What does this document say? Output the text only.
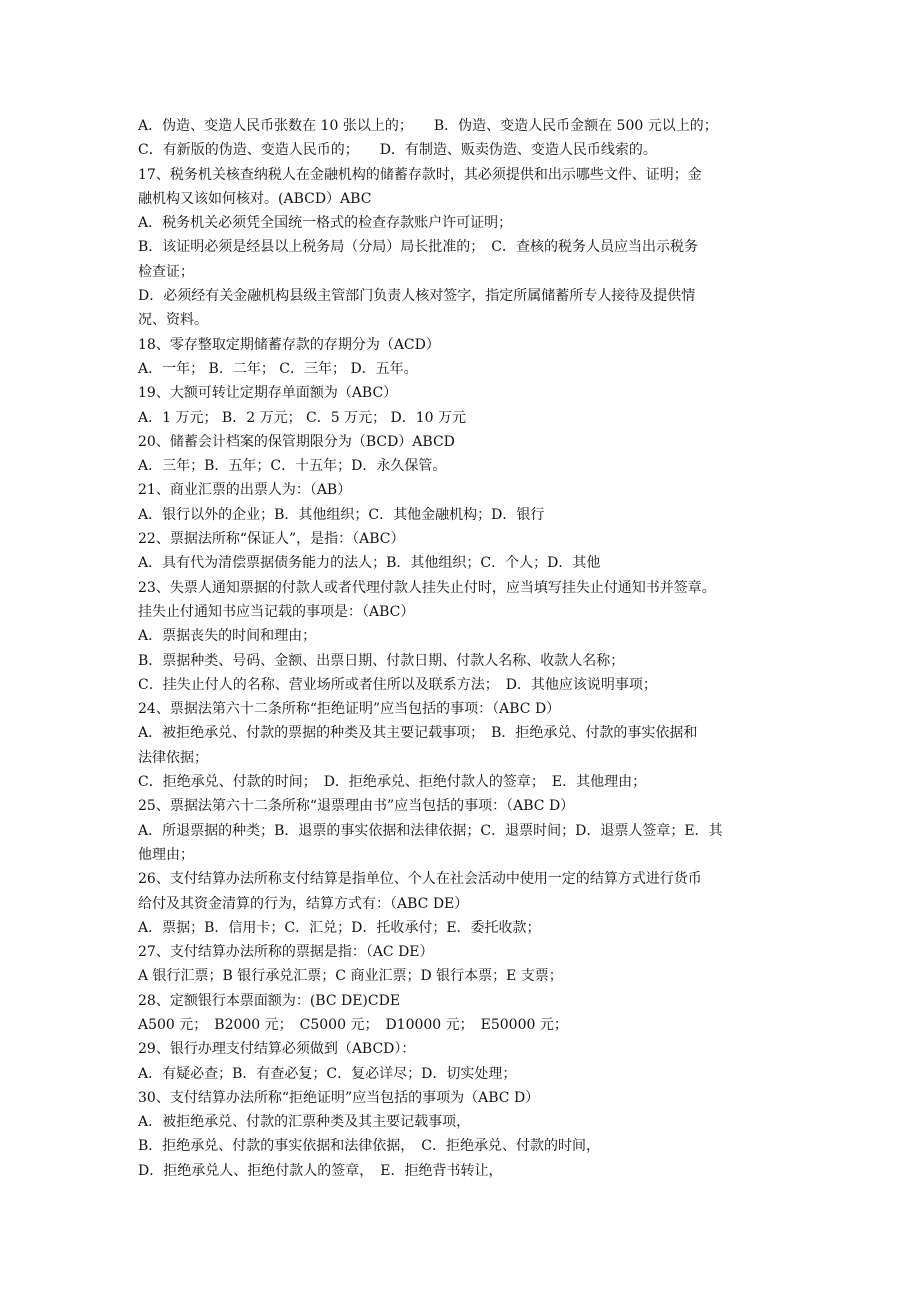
A．伪造、变造人民币张数在 10 张以上的；　　B．伪造、变造人民币金额在 500 元以上的；
C．有新版的伪造、变造人民币的；　　D．有制造、贩卖伪造、变造人民币线索的。
17、税务机关核查纳税人在金融机构的储蓄存款时，其必须提供和出示哪些文件、证明；金
融机构又该如何核对。(ABCD）ABC
A．税务机关必须凭全国统一格式的检查存款账户许可证明；
B．该证明必须是经县以上税务局（分局）局长批准的；　C．查核的税务人员应当出示税务
检查证；
D．必须经有关金融机构县级主管部门负责人核对签字，指定所属储蓄所专人接待及提供情
况、资料。
18、零存整取定期储蓄存款的存期分为（ACD）
A．一年； B．二年； C．三年； D．五年。
19、大额可转让定期存单面额为（ABC）
A．1 万元； B．2 万元； C．5 万元； D．10 万元
20、储蓄会计档案的保管期限分为（BCD）ABCD
A．三年；B．五年；C．十五年；D．永久保管。
21、商业汇票的出票人为：（AB）
A．银行以外的企业；B．其他组织；C．其他金融机构；D．银行
22、票据法所称“保证人”，是指：（ABC）
A．具有代为清偿票据债务能力的法人；B．其他组织；C．个人；D．其他
23、失票人通知票据的付款人或者代理付款人挂失止付时，应当填写挂失止付通知书并签章。
挂失止付通知书应当记载的事项是：（ABC）
A．票据丧失的时间和理由；
B．票据种类、号码、金额、出票日期、付款日期、付款人名称、收款人名称；
C．挂失止付人的名称、营业场所或者住所以及联系方法；　D．其他应该说明事项；
24、票据法第六十二条所称“拒绝证明”应当包括的事项：（ABC D）
A．被拒绝承兑、付款的票据的种类及其主要记载事项；　B．拒绝承兑、付款的事实依据和
法律依据；
C．拒绝承兑、付款的时间；　D．拒绝承兑、拒绝付款人的签章；　E．其他理由；
25、票据法第六十二条所称“退票理由书”应当包括的事项：（ABC D）
A．所退票据的种类；B．退票的事实依据和法律依据；C．退票时间；D．退票人签章；E．其
他理由；
26、支付结算办法所称支付结算是指单位、个人在社会活动中使用一定的结算方式进行货币
给付及其资金清算的行为，结算方式有：（ABC DE）
A．票据；B．信用卡；C．汇兑；D．托收承付；E．委托收款；
27、支付结算办法所称的票据是指：（AC DE）
A 银行汇票；B 银行承兑汇票；C 商业汇票；D 银行本票；E 支票；
28、定额银行本票面额为：(BC DE)CDE
A500 元；　B2000 元；　C5000 元；　D10000 元；　E50000 元；
29、银行办理支付结算必须做到（ABCD）：
A．有疑必查；B．有查必复；C．复必详尽；D．切实处理；
30、支付结算办法所称“拒绝证明”应当包括的事项为（ABC D）
A．被拒绝承兑、付款的汇票种类及其主要记载事项，
B．拒绝承兑、付款的事实依据和法律依据，　C．拒绝承兑、付款的时间，
D．拒绝承兑人、拒绝付款人的签章，　E．拒绝背书转让，
